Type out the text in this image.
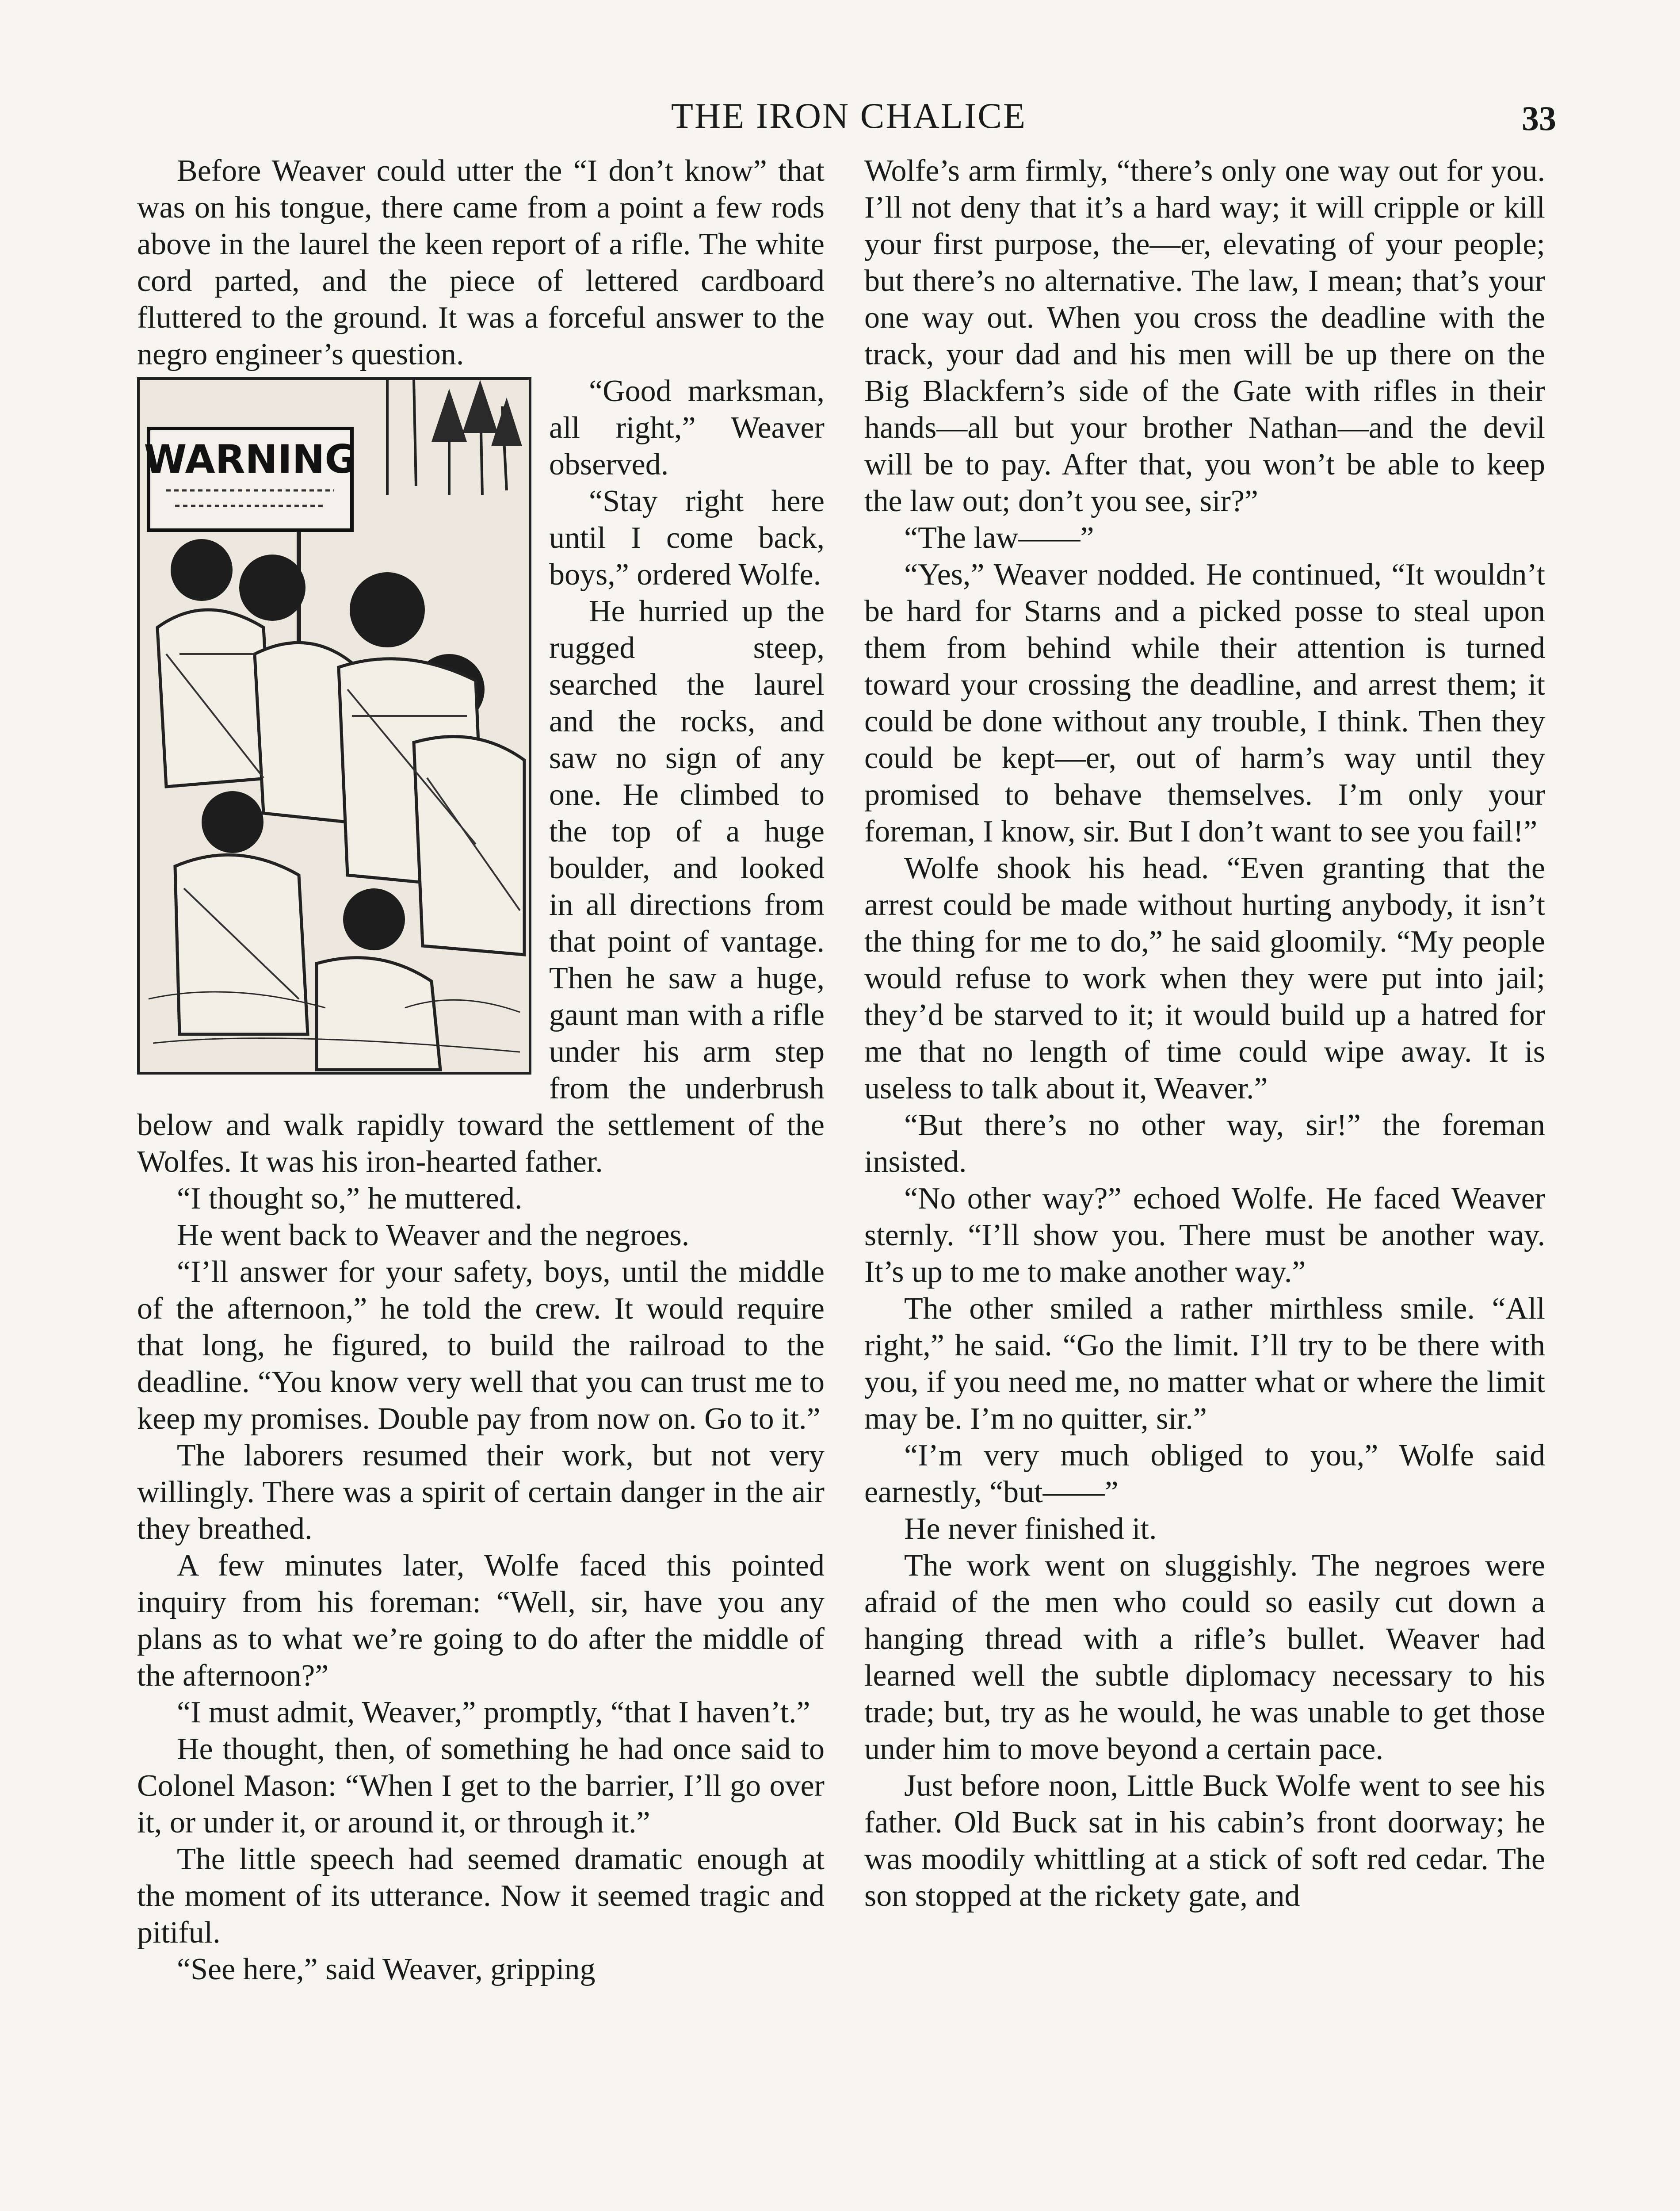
THE IRON CHALICE	33

Before Weaver could utter the “I don’t know” that was on his tongue, there came from a point a few rods above in the laurel the keen report of a rifle. The white cord parted, and the piece of lettered cardboard fluttered to the ground. It was a forceful answer to the negro engineer’s question.

WARNING

“Good marksman, all right,” Weaver observed.

“Stay right here until I come back, boys,” ordered Wolfe.

He hurried up the rugged steep, searched the laurel and the rocks, and saw no sign of any one. He climbed to the top of a huge boulder, and looked in all directions from that point of vantage. Then he saw a huge, gaunt man with a rifle under his arm step from the underbrush below and walk rapidly toward the settlement of the Wolfes. It was his iron-hearted father.

“I thought so,” he muttered.

He went back to Weaver and the negroes.

“I’ll answer for your safety, boys, until the middle of the afternoon,” he told the crew. It would require that long, he figured, to build the railroad to the deadline. “You know very well that you can trust me to keep my promises. Double pay from now on. Go to it.”

The laborers resumed their work, but not very willingly. There was a spirit of certain danger in the air they breathed.

A few minutes later, Wolfe faced this pointed inquiry from his foreman: “Well, sir, have you any plans as to what we’re going to do after the middle of the afternoon?”

“I must admit, Weaver,” promptly, “that I haven’t.”

He thought, then, of something he had once said to Colonel Mason: “When I get to the barrier, I’ll go over it, or under it, or around it, or through it.”

The little speech had seemed dramatic enough at the moment of its utterance. Now it seemed tragic and pitiful.

“See here,” said Weaver, gripping

Wolfe’s arm firmly, “there’s only one way out for you. I’ll not deny that it’s a hard way; it will cripple or kill your first purpose, the—er, elevating of your people; but there’s no alternative. The law, I mean; that’s your one way out. When you cross the deadline with the track, your dad and his men will be up there on the Big Blackfern’s side of the Gate with rifles in their hands—all but your brother Nathan—and the devil will be to pay. After that, you won’t be able to keep the law out; don’t you see, sir?”

“The law——”

“Yes,” Weaver nodded. He continued, “It wouldn’t be hard for Starns and a picked posse to steal upon them from behind while their attention is turned toward your crossing the deadline, and arrest them; it could be done without any trouble, I think. Then they could be kept—er, out of harm’s way until they promised to behave themselves. I’m only your foreman, I know, sir. But I don’t want to see you fail!”

Wolfe shook his head. “Even granting that the arrest could be made without hurting anybody, it isn’t the thing for me to do,” he said gloomily. “My people would refuse to work when they were put into jail; they’d be starved to it; it would build up a hatred for me that no length of time could wipe away. It is useless to talk about it, Weaver.”

“But there’s no other way, sir!” the foreman insisted.

“No other way?” echoed Wolfe. He faced Weaver sternly. “I’ll show you. There must be another way. It’s up to me to make another way.”

The other smiled a rather mirthless smile. “All right,” he said. “Go the limit. I’ll try to be there with you, if you need me, no matter what or where the limit may be. I’m no quitter, sir.”

“I’m very much obliged to you,” Wolfe said earnestly, “but——”

He never finished it.

The work went on sluggishly. The negroes were afraid of the men who could so easily cut down a hanging thread with a rifle’s bullet. Weaver had learned well the subtle diplomacy necessary to his trade; but, try as he would, he was unable to get those under him to move beyond a certain pace.

Just before noon, Little Buck Wolfe went to see his father. Old Buck sat in his cabin’s front doorway; he was moodily whittling at a stick of soft red cedar. The son stopped at the rickety gate, and
